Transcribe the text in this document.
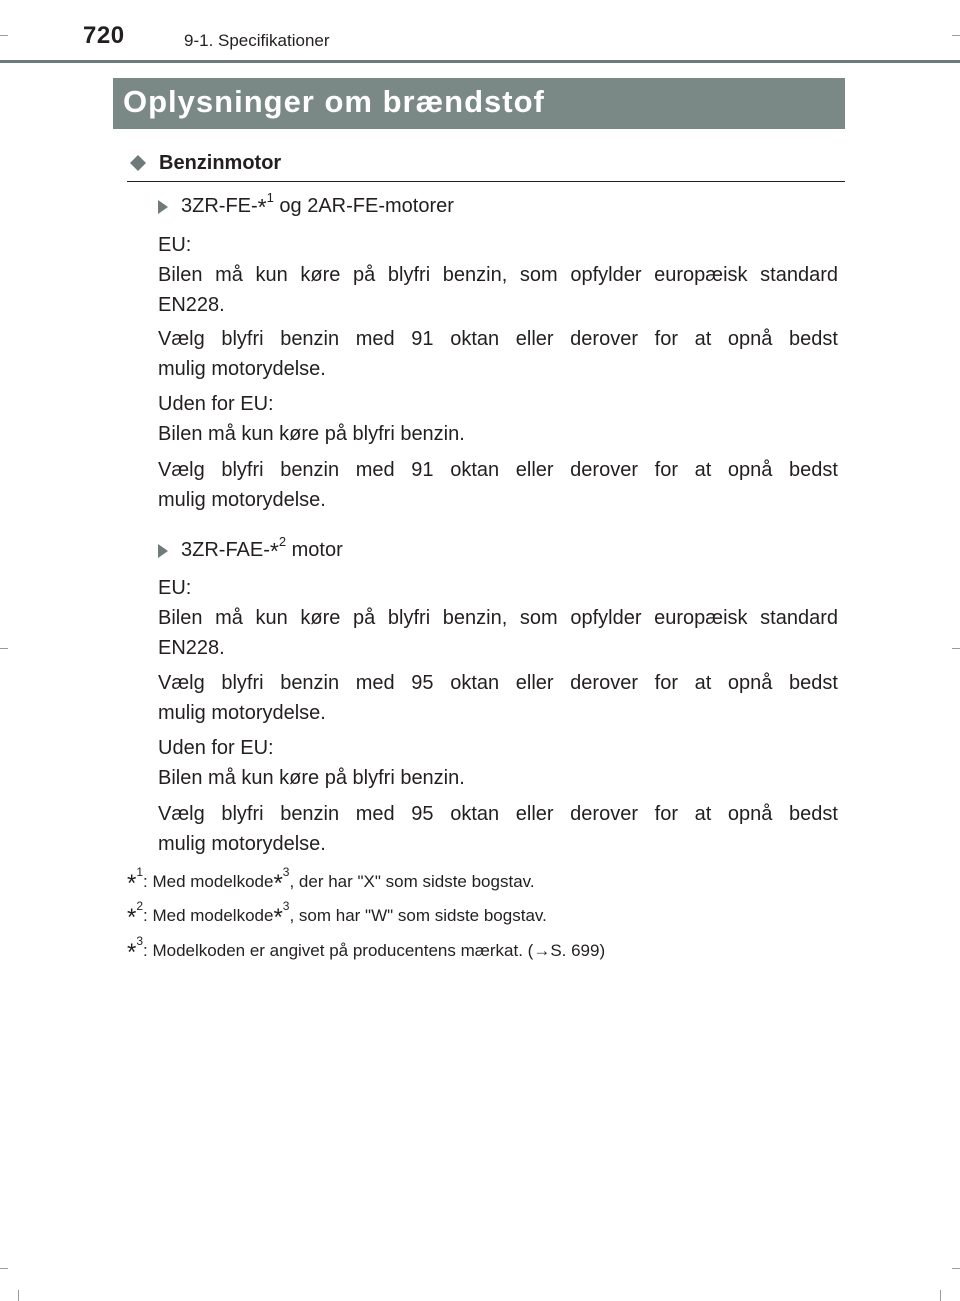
720	9-1. Specifikationer
Oplysninger om brændstof
Benzinmotor
3ZR-FE- *$^1$ og 2AR-FE-motorer
EU:
Bilen må kun køre på blyfri benzin, som opfylder europæisk standard
EN228.
Vælg blyfri benzin med 91 oktan eller derover for at opnå bedst
mulig motorydelse.
Uden for EU:
Bilen må kun køre på blyfri benzin.
Vælg blyfri benzin med 91 oktan eller derover for at opnå bedst
mulig motorydelse.
3ZR-FAE- *$^2$ motor
EU:
Bilen må kun køre på blyfri benzin, som opfylder europæisk standard
EN228.
Vælg blyfri benzin med 95 oktan eller derover for at opnå bedst
mulig motorydelse.
Uden for EU:
Bilen må kun køre på blyfri benzin.
Vælg blyfri benzin med 95 oktan eller derover for at opnå bedst
mulig motorydelse.
*$^1$: Med modelkode*$^3$, der har "X" som sidste bogstav.
*$^2$: Med modelkode*$^3$, som har "W" som sidste bogstav.
*$^3$: Modelkoden er angivet på producentens mærkat. (→S. 699)
